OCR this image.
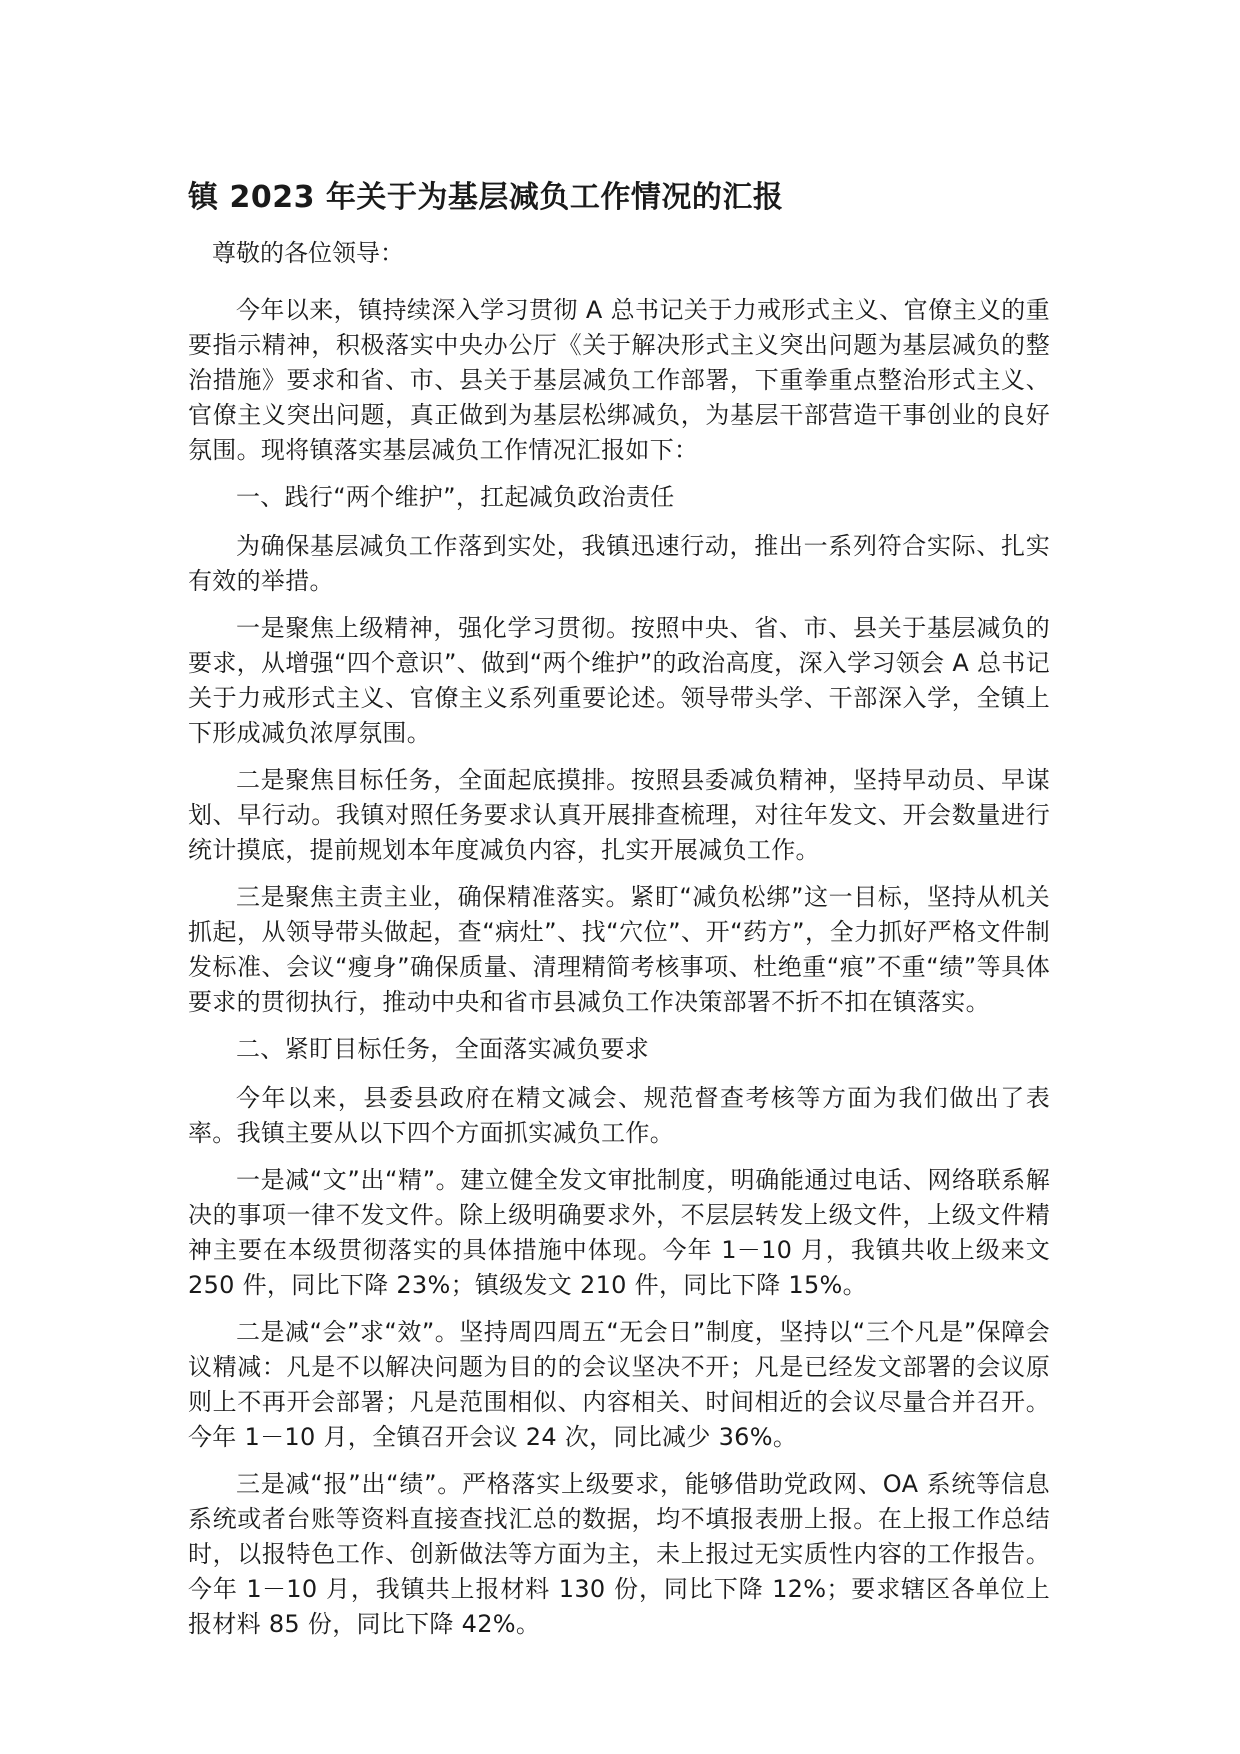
镇 2023 年关于为基层减负工作情况的汇报

尊敬的各位领导：

今年以来，镇持续深入学习贯彻 A 总书记关于力戒形式主义、官僚主义的重要指示精神，积极落实中央办公厅《关于解决形式主义突出问题为基层减负的整治措施》要求和省、市、县关于基层减负工作部署，下重拳重点整治形式主义、官僚主义突出问题，真正做到为基层松绑减负，为基层干部营造干事创业的良好氛围。现将镇落实基层减负工作情况汇报如下：

一、践行“两个维护”，扛起减负政治责任

为确保基层减负工作落到实处，我镇迅速行动，推出一系列符合实际、扎实有效的举措。

一是聚焦上级精神，强化学习贯彻。按照中央、省、市、县关于基层减负的要求，从增强“四个意识”、做到“两个维护”的政治高度，深入学习领会 A 总书记关于力戒形式主义、官僚主义系列重要论述。领导带头学、干部深入学，全镇上下形成减负浓厚氛围。

二是聚焦目标任务，全面起底摸排。按照县委减负精神，坚持早动员、早谋划、早行动。我镇对照任务要求认真开展排查梳理，对往年发文、开会数量进行统计摸底，提前规划本年度减负内容，扎实开展减负工作。

三是聚焦主责主业，确保精准落实。紧盯“减负松绑”这一目标，坚持从机关抓起，从领导带头做起，查“病灶”、找“穴位”、开“药方”，全力抓好严格文件制发标准、会议“瘦身”确保质量、清理精简考核事项、杜绝重“痕”不重“绩”等具体要求的贯彻执行，推动中央和省市县减负工作决策部署不折不扣在镇落实。

二、紧盯目标任务，全面落实减负要求

今年以来，县委县政府在精文减会、规范督查考核等方面为我们做出了表率。我镇主要从以下四个方面抓实减负工作。

一是减“文”出“精”。建立健全发文审批制度，明确能通过电话、网络联系解决的事项一律不发文件。除上级明确要求外，不层层转发上级文件，上级文件精神主要在本级贯彻落实的具体措施中体现。今年 1－10 月，我镇共收上级来文 250 件，同比下降 23%；镇级发文 210 件，同比下降 15%。

二是减“会”求“效”。坚持周四周五“无会日”制度，坚持以“三个凡是”保障会议精减：凡是不以解决问题为目的的会议坚决不开；凡是已经发文部署的会议原则上不再开会部署；凡是范围相似、内容相关、时间相近的会议尽量合并召开。今年 1－10 月，全镇召开会议 24 次，同比减少 36%。

三是减“报”出“绩”。严格落实上级要求，能够借助党政网、OA 系统等信息系统或者台账等资料直接查找汇总的数据，均不填报表册上报。在上报工作总结时，以报特色工作、创新做法等方面为主，未上报过无实质性内容的工作报告。今年 1－10 月，我镇共上报材料 130 份，同比下降 12%；要求辖区各单位上报材料 85 份，同比下降 42%。
